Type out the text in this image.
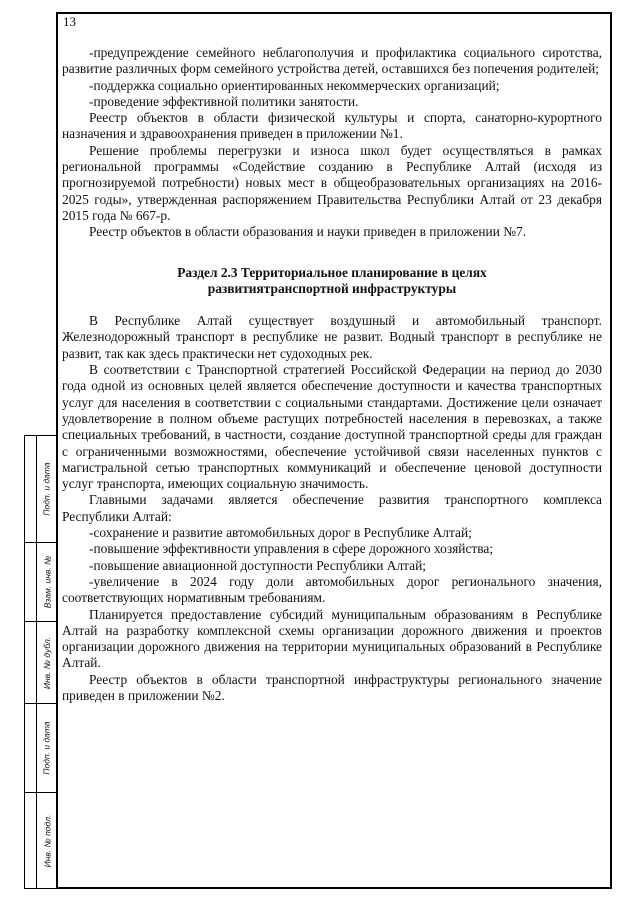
13
Подп. и дата
Взам. инв. №
Инв. № дубл.
Подп. и дата
Инв. № подл.

-предупреждение семейного неблагополучия и профилактика социального сиротства, развитие различных форм семейного устройства детей, оставшихся без попечения родителей;

-поддержка социально ориентированных некоммерческих организаций;

-проведение эффективной политики занятости.

Реестр объектов в области физической культуры и спорта, санаторно-курортного назначения и здравоохранения приведен в приложении №1.

Решение проблемы перегрузки и износа школ будет осуществляться в рамках региональной программы «Содействие созданию в Республике Алтай (исходя из прогнозируемой потребности) новых мест в общеобразовательных организациях на 2016-2025 годы», утвержденная распоряжением Правительства Республики Алтай от 23 декабря 2015 года № 667-р.

Реестр объектов в области образования и науки приведен в приложении №7.

Раздел 2.3 Территориальное планирование в целях
развитиятранспортной инфраструктуры

В Республике Алтай существует воздушный и автомобильный транспорт. Железнодорожный транспорт в республике не развит. Водный транспорт в республике не развит, так как здесь практически нет судоходных рек.

В соответствии с Транспортной стратегией Российской Федерации на период до 2030 года одной из основных целей является обеспечение доступности и качества транспортных услуг для населения в соответствии с социальными стандартами. Достижение цели означает удовлетворение в полном объеме растущих потребностей населения в перевозках, а также специальных требований, в частности, создание доступной транспортной среды для граждан с ограниченными возможностями, обеспечение устойчивой связи населенных пунктов с магистральной сетью транспортных коммуникаций и обеспечение ценовой доступности услуг транспорта, имеющих социальную значимость.

Главными задачами является обеспечение развития транспортного комплекса Республики Алтай:

-сохранение и развитие автомобильных дорог в Республике Алтай;

-повышение эффективности управления в сфере дорожного хозяйства;

-повышение авиационной доступности Республики Алтай;

-увеличение в 2024 году доли автомобильных дорог регионального значения, соответствующих нормативным требованиям.

Планируется предоставление субсидий муниципальным образованиям в Республике Алтай на разработку комплексной схемы организации дорожного движения и проектов организации дорожного движения на территории муниципальных образований в Республике Алтай.

Реестр объектов в области транспортной инфраструктуры регионального значение приведен в приложении №2.
